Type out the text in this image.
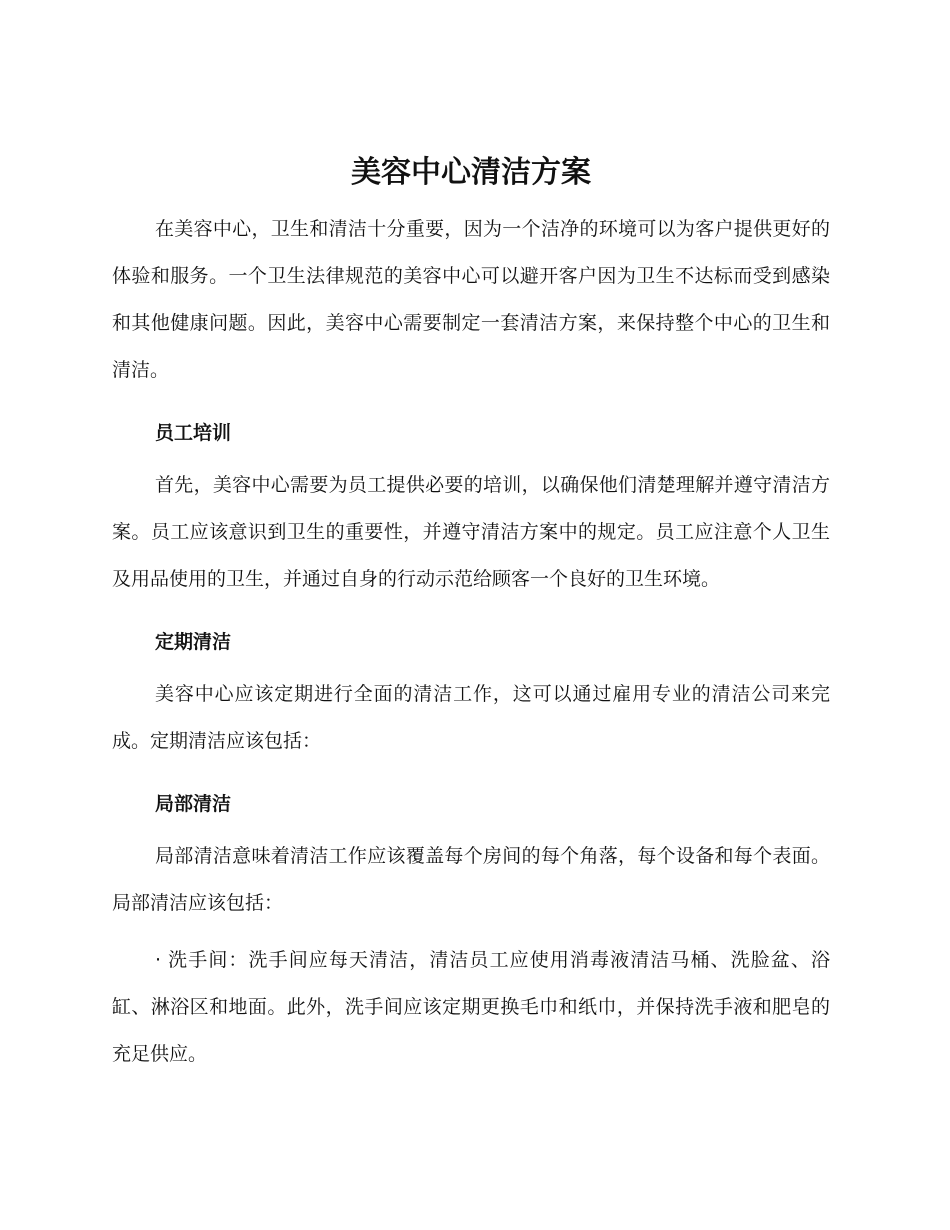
美容中心清洁方案

在美容中心，卫生和清洁十分重要，因为一个洁净的环境可以为客户提供更好的体验和服务。一个卫生法律规范的美容中心可以避开客户因为卫生不达标而受到感染和其他健康问题。因此，美容中心需要制定一套清洁方案，来保持整个中心的卫生和清洁。

员工培训

首先，美容中心需要为员工提供必要的培训，以确保他们清楚理解并遵守清洁方案。员工应该意识到卫生的重要性，并遵守清洁方案中的规定。员工应注意个人卫生及用品使用的卫生，并通过自身的行动示范给顾客一个良好的卫生环境。

定期清洁

美容中心应该定期进行全面的清洁工作，这可以通过雇用专业的清洁公司来完成。定期清洁应该包括：

局部清洁

局部清洁意味着清洁工作应该覆盖每个房间的每个角落，每个设备和每个表面。局部清洁应该包括：

· 洗手间：洗手间应每天清洁，清洁员工应使用消毒液清洁马桶、洗脸盆、浴缸、淋浴区和地面。此外，洗手间应该定期更换毛巾和纸巾，并保持洗手液和肥皂的充足供应。
